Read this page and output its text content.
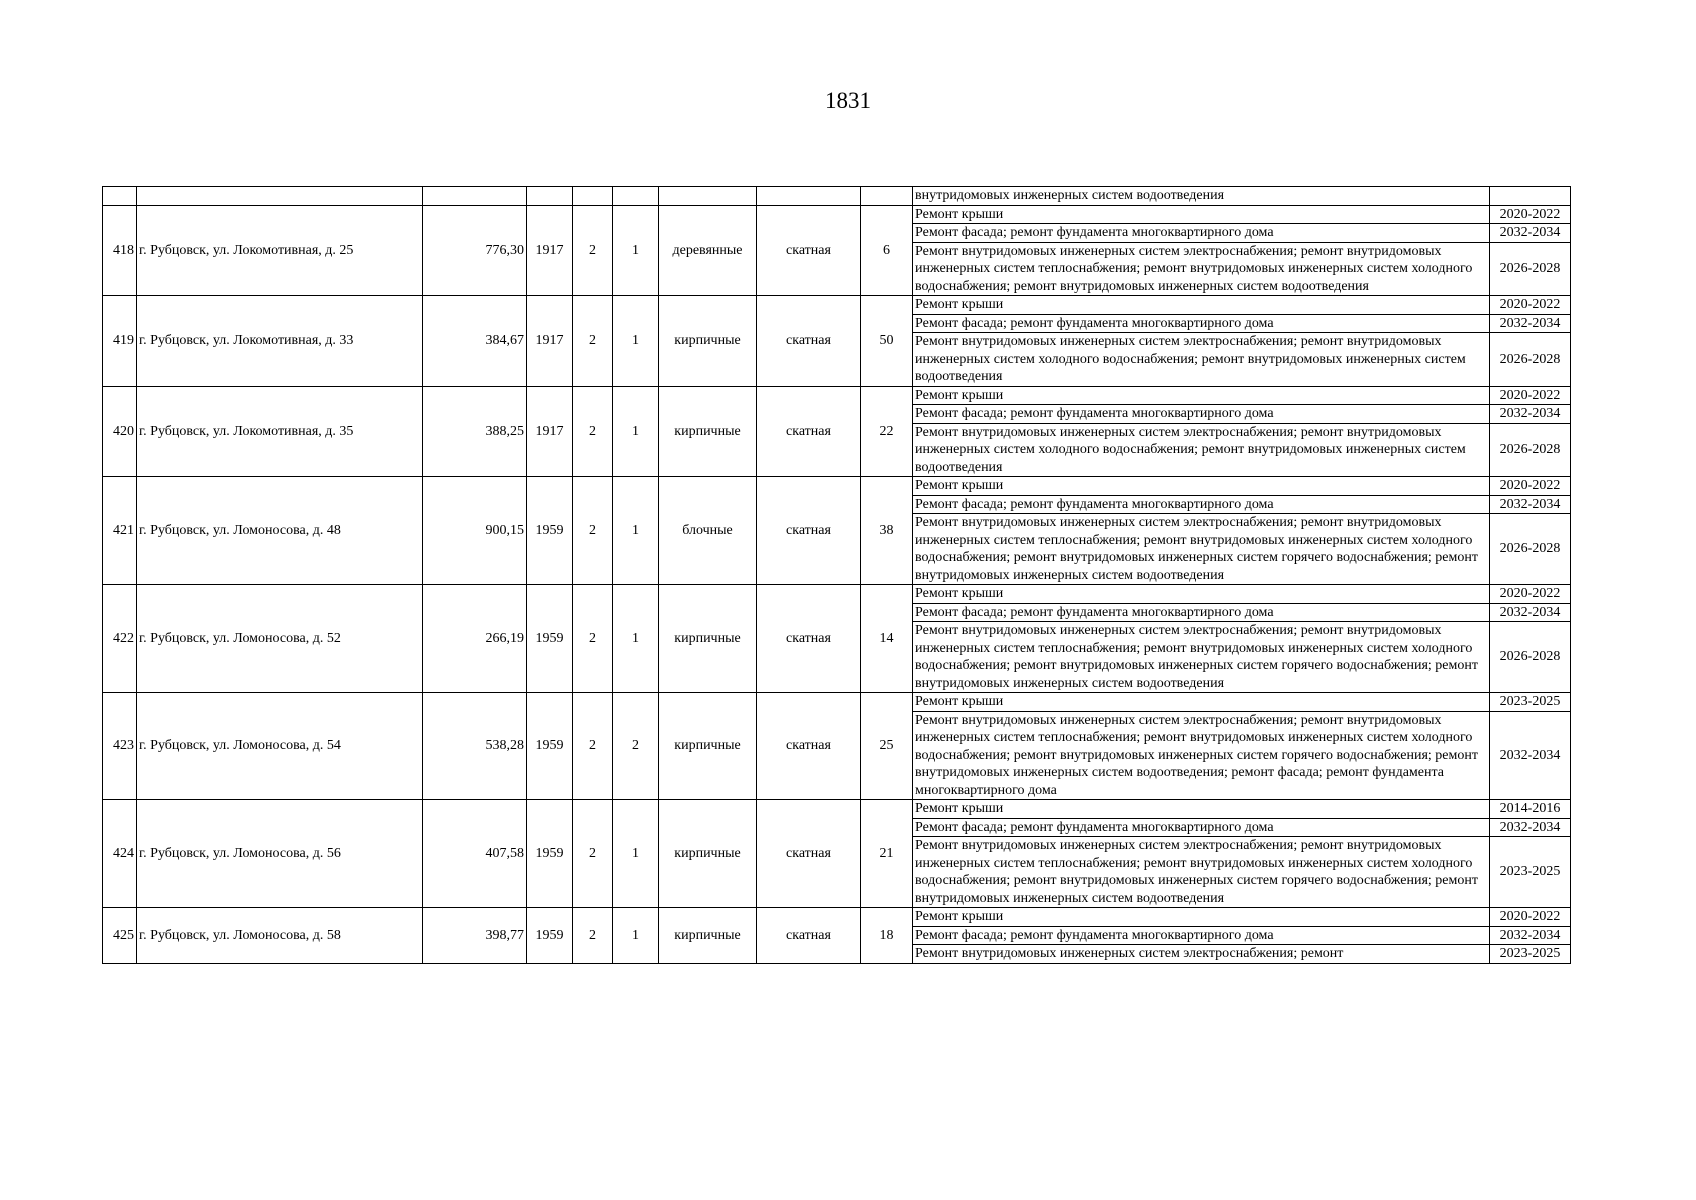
1831
									внутридомовых инженерных систем водоотведения	
418	г. Рубцовск, ул. Локомотивная, д. 25	776,30	1917	2	1	деревянные	скатная	6	Ремонт крыши	2020-2022
									Ремонт фасада; ремонт фундамента многоквартирного дома	2032-2034
									Ремонт внутридомовых инженерных систем электроснабжения; ремонт внутридомовых инженерных систем теплоснабжения; ремонт внутридомовых инженерных систем холодного водоснабжения; ремонт внутридомовых инженерных систем водоотведения	2026-2028
419	г. Рубцовск, ул. Локомотивная, д. 33	384,67	1917	2	1	кирпичные	скатная	50	Ремонт крыши	2020-2022
									Ремонт фасада; ремонт фундамента многоквартирного дома	2032-2034
									Ремонт внутридомовых инженерных систем электроснабжения; ремонт внутридомовых инженерных систем холодного водоснабжения; ремонт внутридомовых инженерных систем водоотведения	2026-2028
420	г. Рубцовск, ул. Локомотивная, д. 35	388,25	1917	2	1	кирпичные	скатная	22	Ремонт крыши	2020-2022
									Ремонт фасада; ремонт фундамента многоквартирного дома	2032-2034
									Ремонт внутридомовых инженерных систем электроснабжения; ремонт внутридомовых инженерных систем холодного водоснабжения; ремонт внутридомовых инженерных систем водоотведения	2026-2028
421	г. Рубцовск, ул. Ломоносова, д. 48	900,15	1959	2	1	блочные	скатная	38	Ремонт крыши	2020-2022
									Ремонт фасада; ремонт фундамента многоквартирного дома	2032-2034
									Ремонт внутридомовых инженерных систем электроснабжения; ремонт внутридомовых инженерных систем теплоснабжения; ремонт внутридомовых инженерных систем холодного водоснабжения; ремонт внутридомовых инженерных систем горячего водоснабжения; ремонт внутридомовых инженерных систем водоотведения	2026-2028
422	г. Рубцовск, ул. Ломоносова, д. 52	266,19	1959	2	1	кирпичные	скатная	14	Ремонт крыши	2020-2022
									Ремонт фасада; ремонт фундамента многоквартирного дома	2032-2034
									Ремонт внутридомовых инженерных систем электроснабжения; ремонт внутридомовых инженерных систем теплоснабжения; ремонт внутридомовых инженерных систем холодного водоснабжения; ремонт внутридомовых инженерных систем горячего водоснабжения; ремонт внутридомовых инженерных систем водоотведения	2026-2028
423	г. Рубцовск, ул. Ломоносова, д. 54	538,28	1959	2	2	кирпичные	скатная	25	Ремонт крыши	2023-2025
									Ремонт внутридомовых инженерных систем электроснабжения; ремонт внутридомовых инженерных систем теплоснабжения; ремонт внутридомовых инженерных систем холодного водоснабжения; ремонт внутридомовых инженерных систем горячего водоснабжения; ремонт внутридомовых инженерных систем водоотведения; ремонт фасада; ремонт фундамента многоквартирного дома	2032-2034
424	г. Рубцовск, ул. Ломоносова, д. 56	407,58	1959	2	1	кирпичные	скатная	21	Ремонт крыши	2014-2016
									Ремонт фасада; ремонт фундамента многоквартирного дома	2032-2034
									Ремонт внутридомовых инженерных систем электроснабжения; ремонт внутридомовых инженерных систем теплоснабжения; ремонт внутридомовых инженерных систем холодного водоснабжения; ремонт внутридомовых инженерных систем горячего водоснабжения; ремонт внутридомовых инженерных систем водоотведения	2023-2025
425	г. Рубцовск, ул. Ломоносова, д. 58	398,77	1959	2	1	кирпичные	скатная	18	Ремонт крыши	2020-2022
									Ремонт фасада; ремонт фундамента многоквартирного дома	2032-2034
									Ремонт внутридомовых инженерных систем электроснабжения; ремонт	2023-2025
